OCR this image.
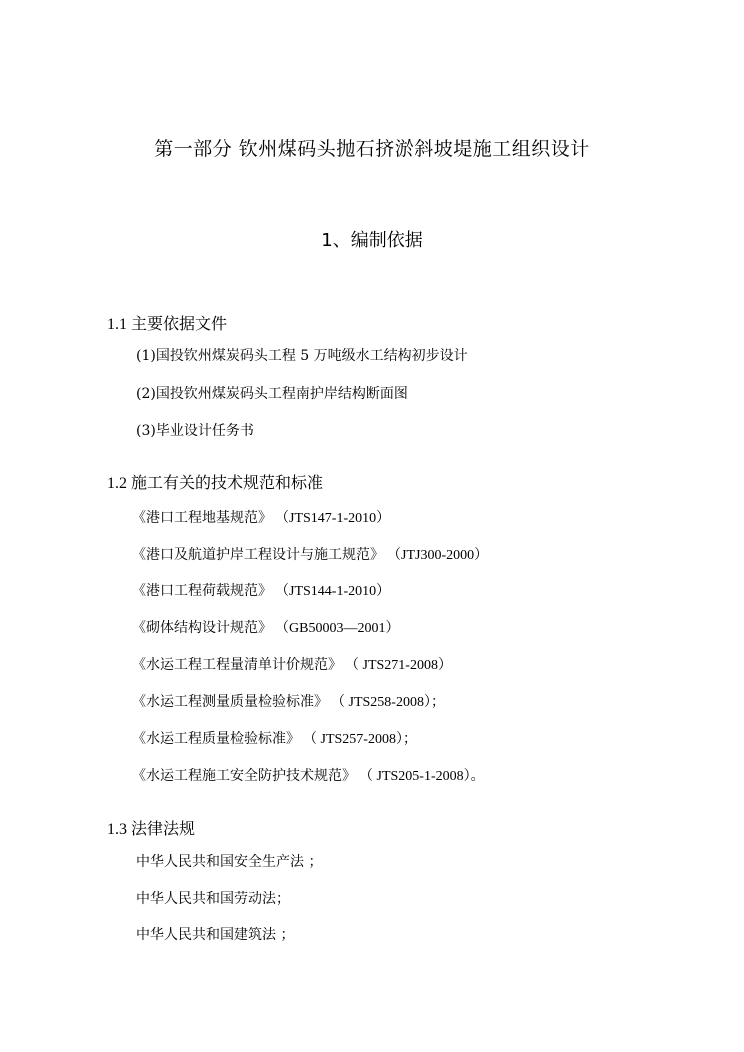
第一部分 钦州煤码头抛石挤淤斜坡堤施工组织设计
1、编制依据
1.1 主要依据文件
(1)国投钦州煤炭码头工程 5 万吨级水工结构初步设计
(2)国投钦州煤炭码头工程南护岸结构断面图
(3)毕业设计任务书
1.2 施工有关的技术规范和标准
《港口工程地基规范》 （JTS147-1-2010）
《港口及航道护岸工程设计与施工规范》 （JTJ300-2000）
《港口工程荷载规范》 （JTS144-1-2010）
《砌体结构设计规范》 （GB50003—2001）
《水运工程工程量清单计价规范》 （ JTS271-2008）
《水运工程测量质量检验标准》 （ JTS258-2008）；
《水运工程质量检验标准》 （ JTS257-2008）；
《水运工程施工安全防护技术规范》 （ JTS205-1-2008）。
1.3 法律法规
中华人民共和国安全生产法 ；
中华人民共和国劳动法；
中华人民共和国建筑法 ；
